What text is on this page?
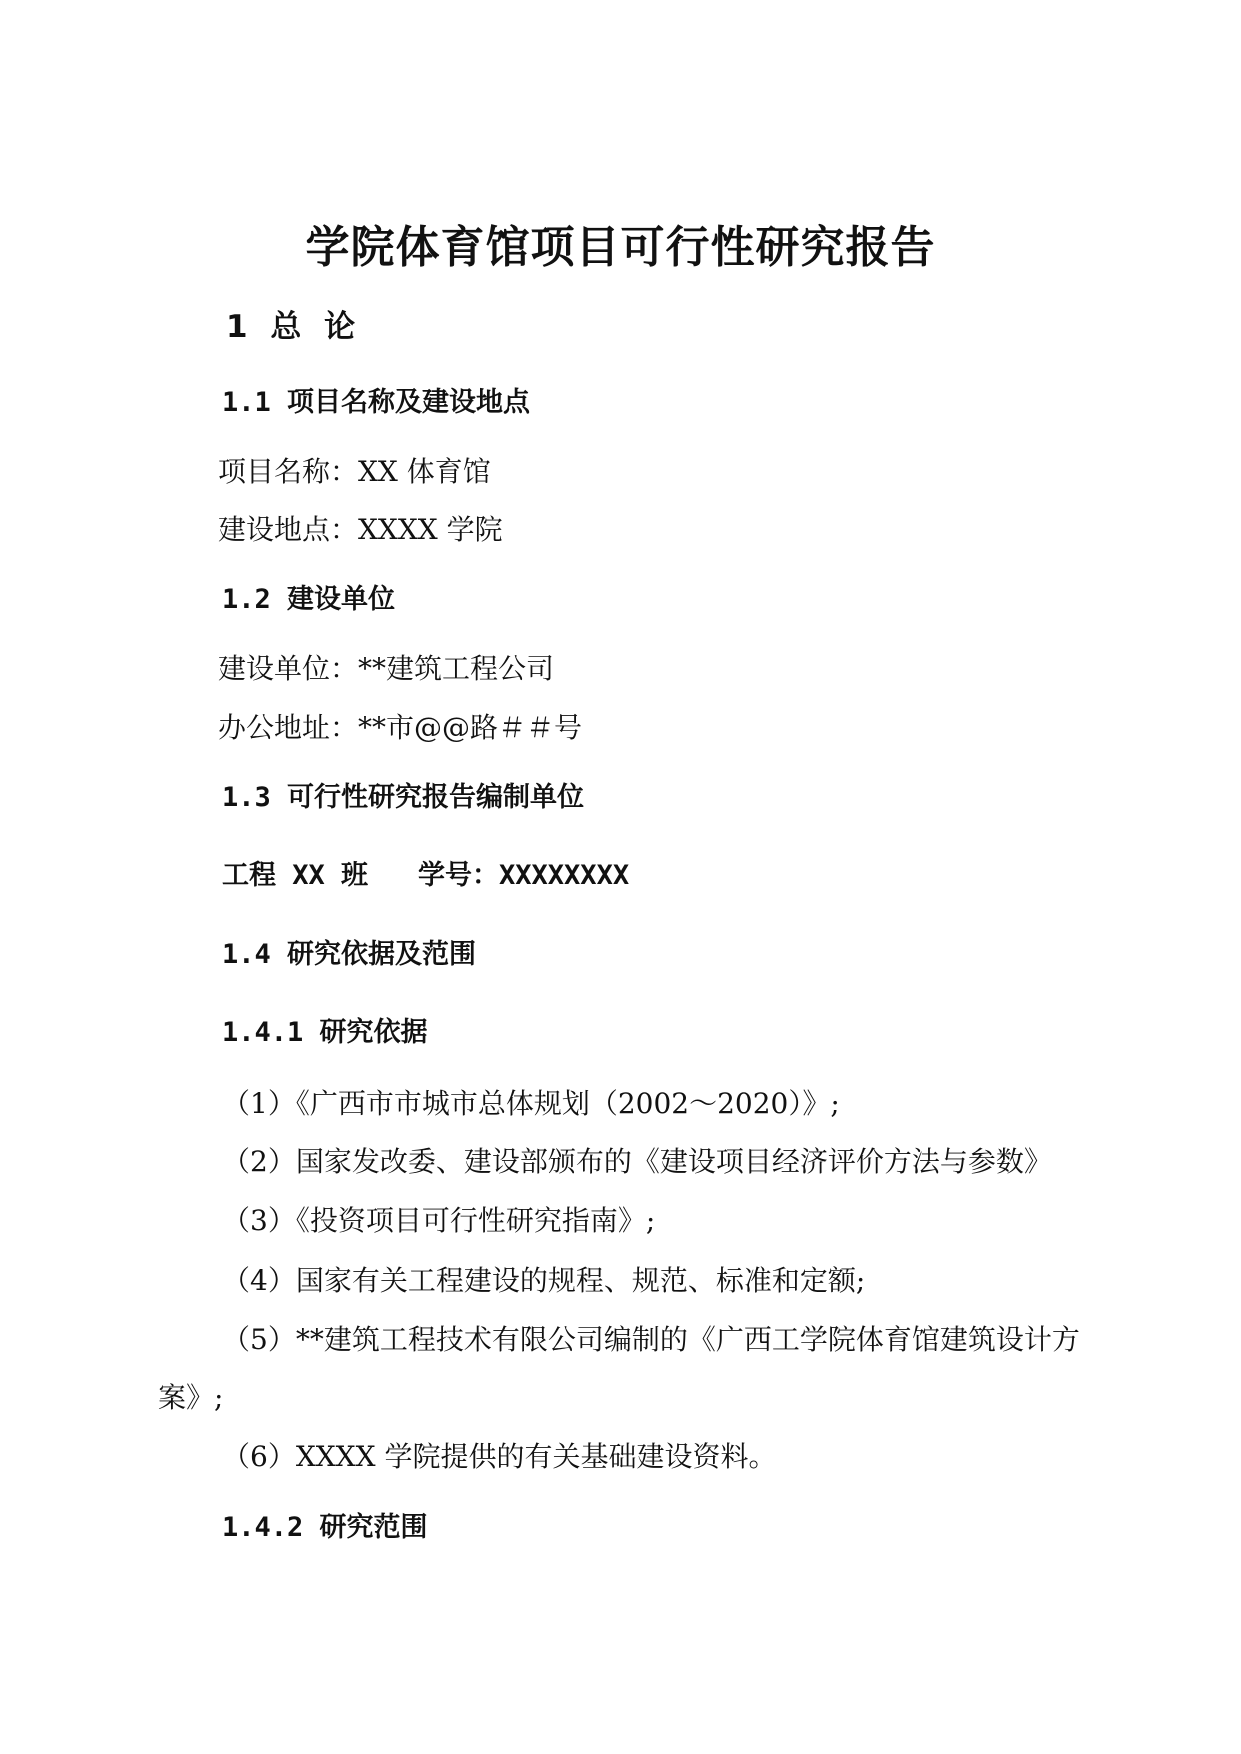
学院体育馆项目可行性研究报告
1 总 论
1.1 项目名称及建设地点
项目名称：XX 体育馆
建设地点：XXXX 学院
1.2 建设单位
建设单位：**建筑工程公司
办公地址：**市@@路＃＃号
1.3 可行性研究报告编制单位
工程 XX 班 学号：XXXXXXXX
1.4 研究依据及范围
1.4.1 研究依据
（1）《广西市市城市总体规划（2002～2020）》;
（2）国家发改委、建设部颁布的《建设项目经济评价方法与参数》
（3）《投资项目可行性研究指南》;
（4）国家有关工程建设的规程、规范、标准和定额;
（5）**建筑工程技术有限公司编制的《广西工学院体育馆建筑设计方
案》;
（6）XXXX 学院提供的有关基础建设资料。
1.4.2 研究范围
